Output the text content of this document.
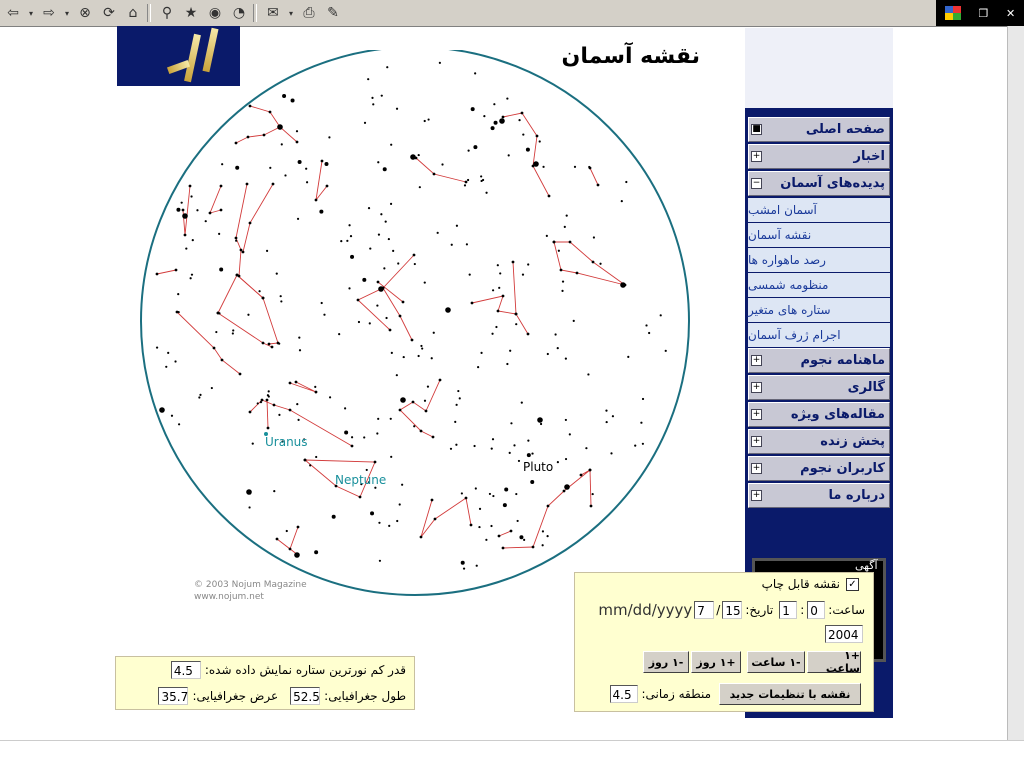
⇦	▾ ⇨	▾ ⊗ ⟳ ⌂	⚲ ★ ◉ ◔	✉	▾ ⎙ ✎	❐ ✕
نقشه آسمان
Uranus
Neptune
Pluto
© 2003 Nojum Magazine
www.nojum.net
صفحه اصلی
■
اخبار
+
پدیده‌های آسمان
−
آسمان امشب
نقشه آسمان
رصد ماهواره ها
منظومه شمسی
ستاره های متغیر
اجرام ژرف آسمان
ماهنامه نجوم
+
گالری
+
مقاله‌های ویژه
+
پخش زنده
+
کاربران نجوم
+
درباره ما
+
آگهی
✓
نقشه قابل چاپ
ساعت:
0
:
1
تاریخ:
15
/
7
mm/dd/yyyy
2004
+۱ ساعت
-۱ ساعت
+۱ روز
-۱ روز
نقشه با تنظیمات جدید
منطقه زمانی:
4.5
قدر کم نورترین ستاره نمایش داده شده:
4.5
طول جغرافیایی:
52.5
عرض جغرافیایی:
35.7
